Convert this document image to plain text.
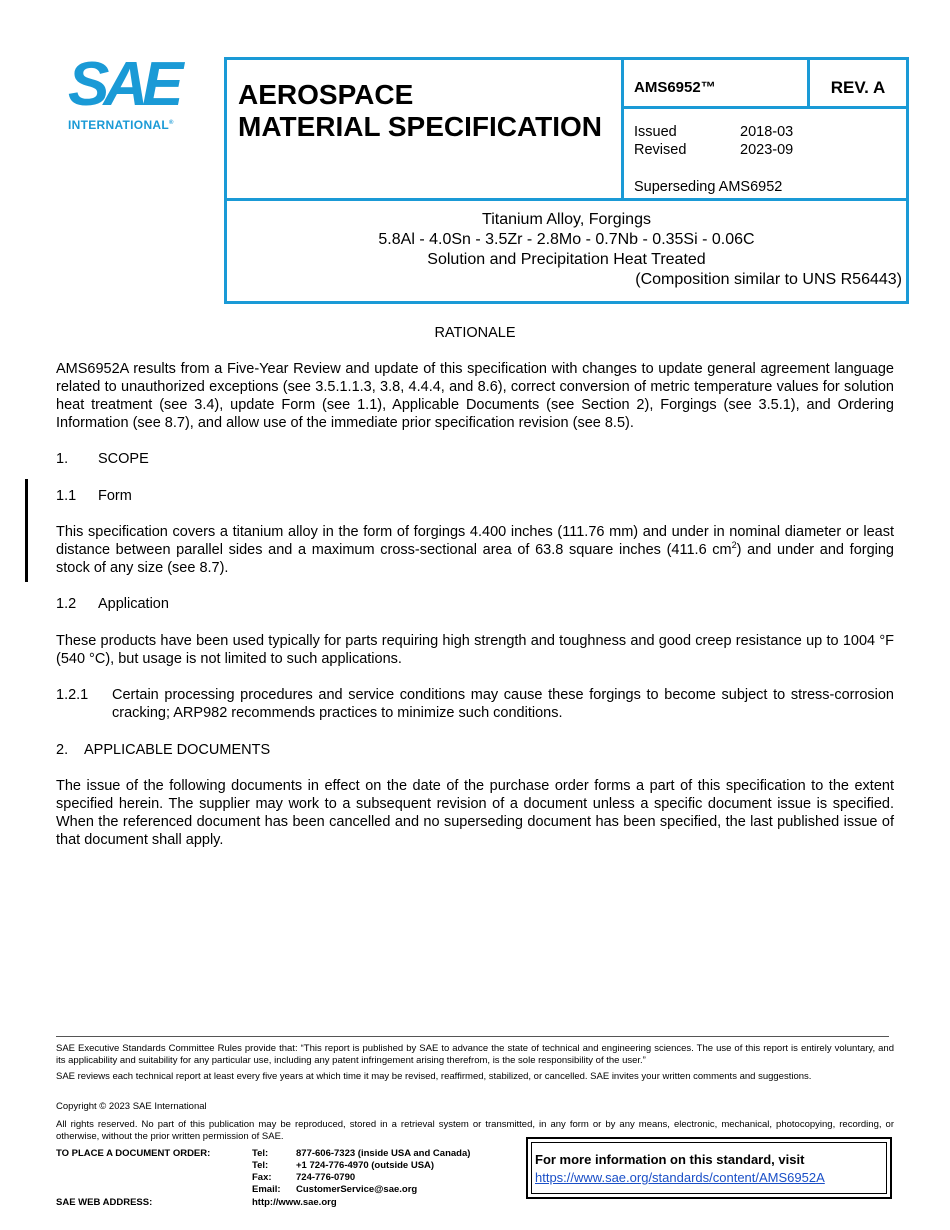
SAE
INTERNATIONAL®
AEROSPACE
MATERIAL SPECIFICATION
AMS6952™	REV. A
Issued	2018-03
Revised	2023-09
Superseding AMS6952
Titanium Alloy, Forgings
5.8Al - 4.0Sn - 3.5Zr - 2.8Mo - 0.7Nb - 0.35Si - 0.06C
Solution and Precipitation Heat Treated
(Composition similar to UNS R56443)
RATIONALE
AMS6952A results from a Five-Year Review and update of this specification with changes to update general agreement language related to unauthorized exceptions (see 3.5.1.1.3, 3.8, 4.4.4, and 8.6), correct conversion of metric temperature values for solution heat treatment (see 3.4), update Form (see 1.1), Applicable Documents (see Section 2), Forgings (see 3.5.1), and Ordering Information (see 8.7), and allow use of the immediate prior specification revision (see 8.5).
1. SCOPE
1.1 Form
This specification covers a titanium alloy in the form of forgings 4.400 inches (111.76 mm) and under in nominal diameter or least distance between parallel sides and a maximum cross-sectional area of 63.8 square inches (411.6 $cm^2$) and under and forging stock of any size (see 8.7).
1.2 Application
These products have been used typically for parts requiring high strength and toughness and good creep resistance up to 1004 °F (540 °C), but usage is not limited to such applications.
1.2.1 Certain processing procedures and service conditions may cause these forgings to become subject to stress-corrosion cracking; ARP982 recommends practices to minimize such conditions.
2. APPLICABLE DOCUMENTS
The issue of the following documents in effect on the date of the purchase order forms a part of this specification to the extent specified herein. The supplier may work to a subsequent revision of a document unless a specific document issue is specified. When the referenced document has been cancelled and no superseding document has been specified, the last published issue of that document shall apply.
SAE Executive Standards Committee Rules provide that: “This report is published by SAE to advance the state of technical and engineering sciences. The use of this report is entirely voluntary, and its applicability and suitability for any particular use, including any patent infringement arising therefrom, is the sole responsibility of the user.”
SAE reviews each technical report at least every five years at which time it may be revised, reaffirmed, stabilized, or cancelled. SAE invites your written comments and suggestions.
Copyright © 2023 SAE International
All rights reserved. No part of this publication may be reproduced, stored in a retrieval system or transmitted, in any form or by any means, electronic, mechanical, photocopying, recording, or otherwise, without the prior written permission of SAE.
TO PLACE A DOCUMENT ORDER:
SAE WEB ADDRESS:
Tel:	877-606-7323 (inside USA and Canada)
Tel:	+1 724-776-4970 (outside USA)
Fax:	724-776-0790
Email:	CustomerService@sae.org
http://www.sae.org
For more information on this standard, visit
https://www.sae.org/standards/content/AMS6952A
